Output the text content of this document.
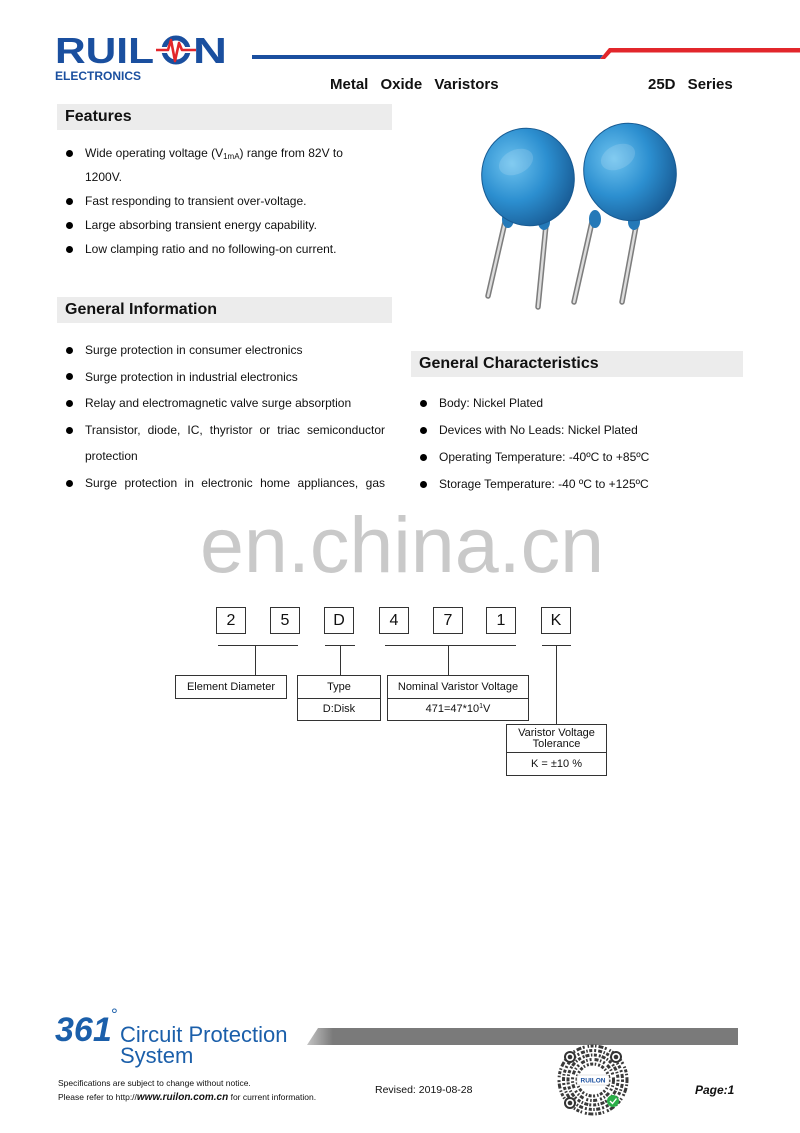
RUIL N
ELECTRONICS	Metal Oxide Varistors	25D Series
Features
Wide operating voltage $(V_{1mA})$ range from 82V to
1200V.
Fast responding to transient over-voltage.
Large absorbing transient energy capability.
Low clamping ratio and no following-on current.
General Information
Surge protection in consumer electronics
Surge protection in industrial electronics
Relay and electromagnetic valve surge absorption
Transistor, diode, IC, thyristor or triac semiconductor
protection
Surge protection in electronic home appliances, gas
General Characteristics
Body: Nickel Plated
Devices with No Leads: Nickel Plated
Operating Temperature: -40ºC to +85ºC
Storage Temperature: -40 ºC to +125ºC
en.china.cn
2	5	D	4	7	1	K
Element Diameter	Type
D:Disk
Nominal Varistor Voltage
$471=47*10^1V$
Varistor Voltage Tolerance
K = ±10 %
361 °
Circuit Protection
System
Specifications are subject to change without notice.
Please refer to http://www.ruilon.com.cn for current information.
Revised: 2019-08-28
RUILON
Page:1
